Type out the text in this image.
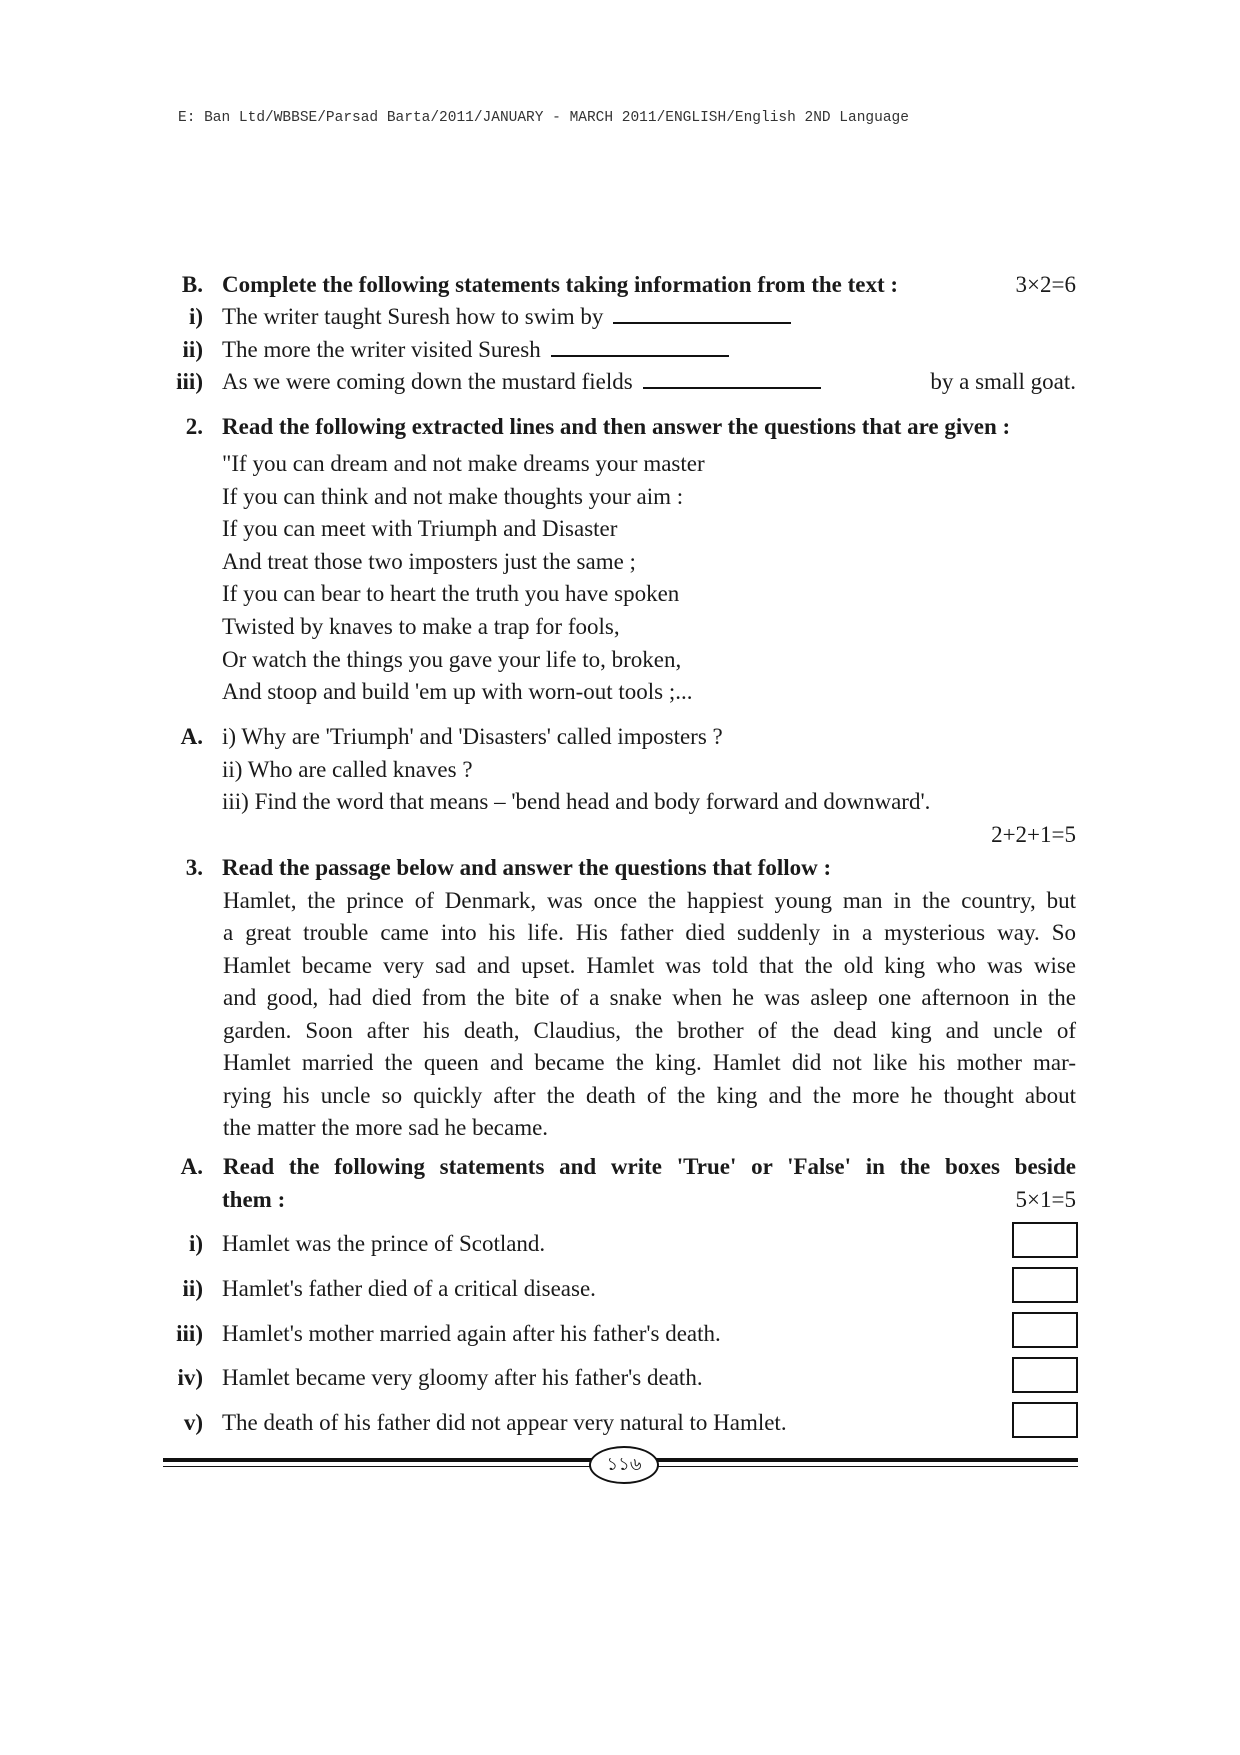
E: Ban Ltd/WBBSE/Parsad Barta/2011/JANUARY - MARCH 2011/ENGLISH/English 2ND Language
B. Complete the following statements taking information from the text :	3×2=6
i) The writer taught Suresh how to swim by
ii) The more the writer visited Suresh
iii) As we were coming down the mustard fields	by a small goat.
2. Read the following extracted lines and then answer the questions that are given :
"If you can dream and not make dreams your master
If you can think and not make thoughts your aim :
If you can meet with Triumph and Disaster
And treat those two imposters just the same ;
If you can bear to heart the truth you have spoken
Twisted by knaves to make a trap for fools,
Or watch the things you gave your life to, broken,
And stoop and build 'em up with worn-out tools ;...
A. i) Why are 'Triumph' and 'Disasters' called imposters ?
ii) Who are called knaves ?
iii) Find the word that means – 'bend head and body forward and downward'.
2+2+1=5
3. Read the passage below and answer the questions that follow :
Hamlet, the prince of Denmark, was once the happiest young man in the country, but
a great trouble came into his life. His father died suddenly in a mysterious way. So
Hamlet became very sad and upset. Hamlet was told that the old king who was wise
and good, had died from the bite of a snake when he was asleep one afternoon in the
garden. Soon after his death, Claudius, the brother of the dead king and uncle of
Hamlet married the queen and became the king. Hamlet did not like his mother mar-
rying his uncle so quickly after the death of the king and the more he thought about
the matter the more sad he became.
A. Read the following statements and write 'True' or 'False' in the boxes beside
them :	5×1=5
i) Hamlet was the prince of Scotland.
ii) Hamlet's father died of a critical disease.
iii) Hamlet's mother married again after his father's death.
iv) Hamlet became very gloomy after his father's death.
v) The death of his father did not appear very natural to Hamlet.
১১৬
